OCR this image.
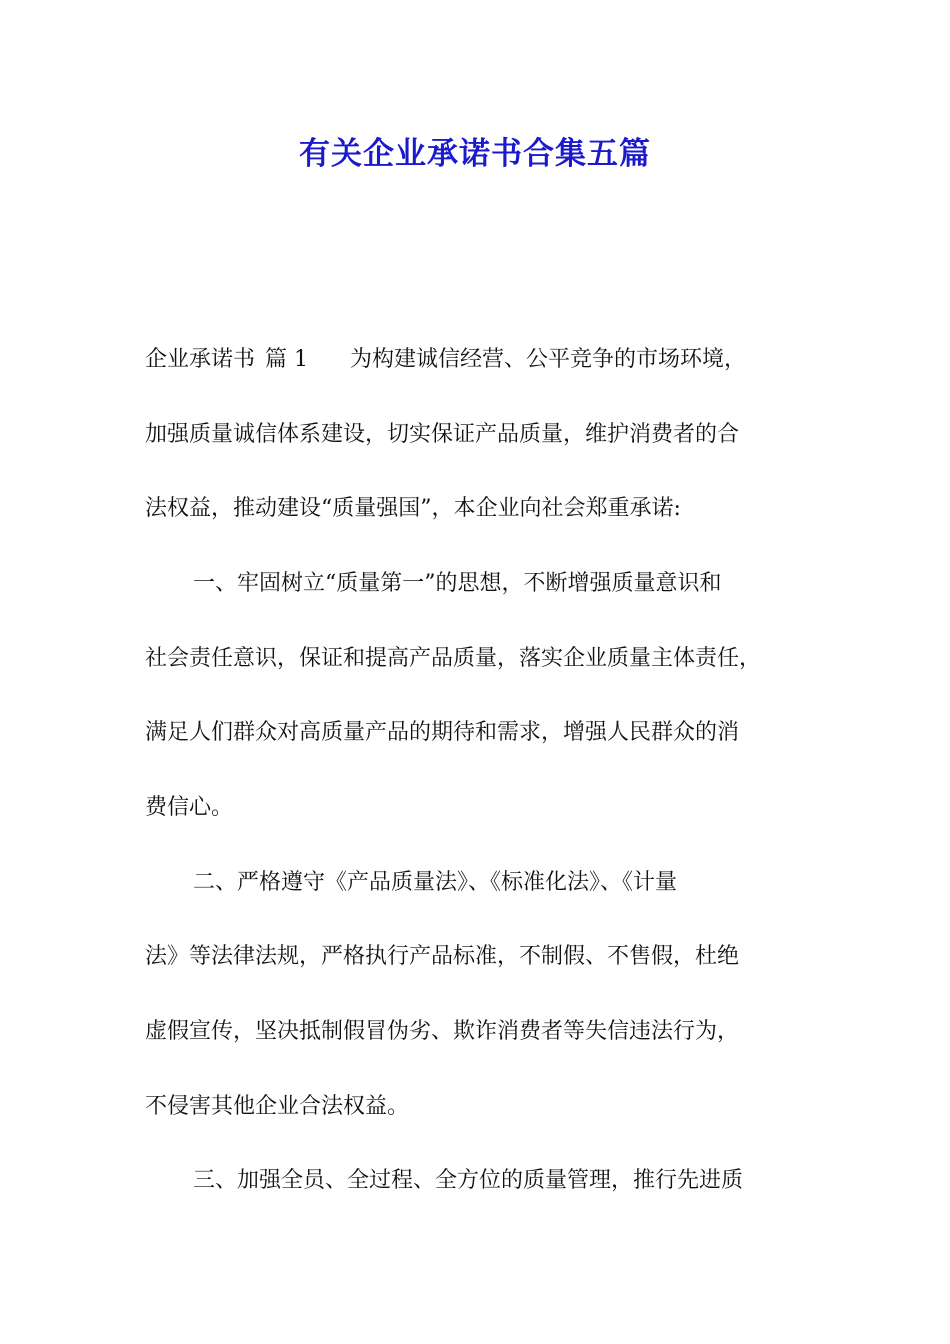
有关企业承诺书合集五篇

企业承诺书 篇 1 为构建诚信经营、公平竞争的市场环境，

加强质量诚信体系建设，切实保证产品质量，维护消费者的合

法权益，推动建设“质量强国”，本企业向社会郑重承诺:

一、牢固树立“质量第一”的思想，不断增强质量意识和

社会责任意识，保证和提高产品质量，落实企业质量主体责任，

满足人们群众对高质量产品的期待和需求，增强人民群众的消

费信心。

二、严格遵守《产品质量法》、《标准化法》、《计量

法》等法律法规，严格执行产品标准，不制假、不售假，杜绝

虚假宣传，坚决抵制假冒伪劣、欺诈消费者等失信违法行为，

不侵害其他企业合法权益。

三、加强全员、全过程、全方位的质量管理，推行先进质
